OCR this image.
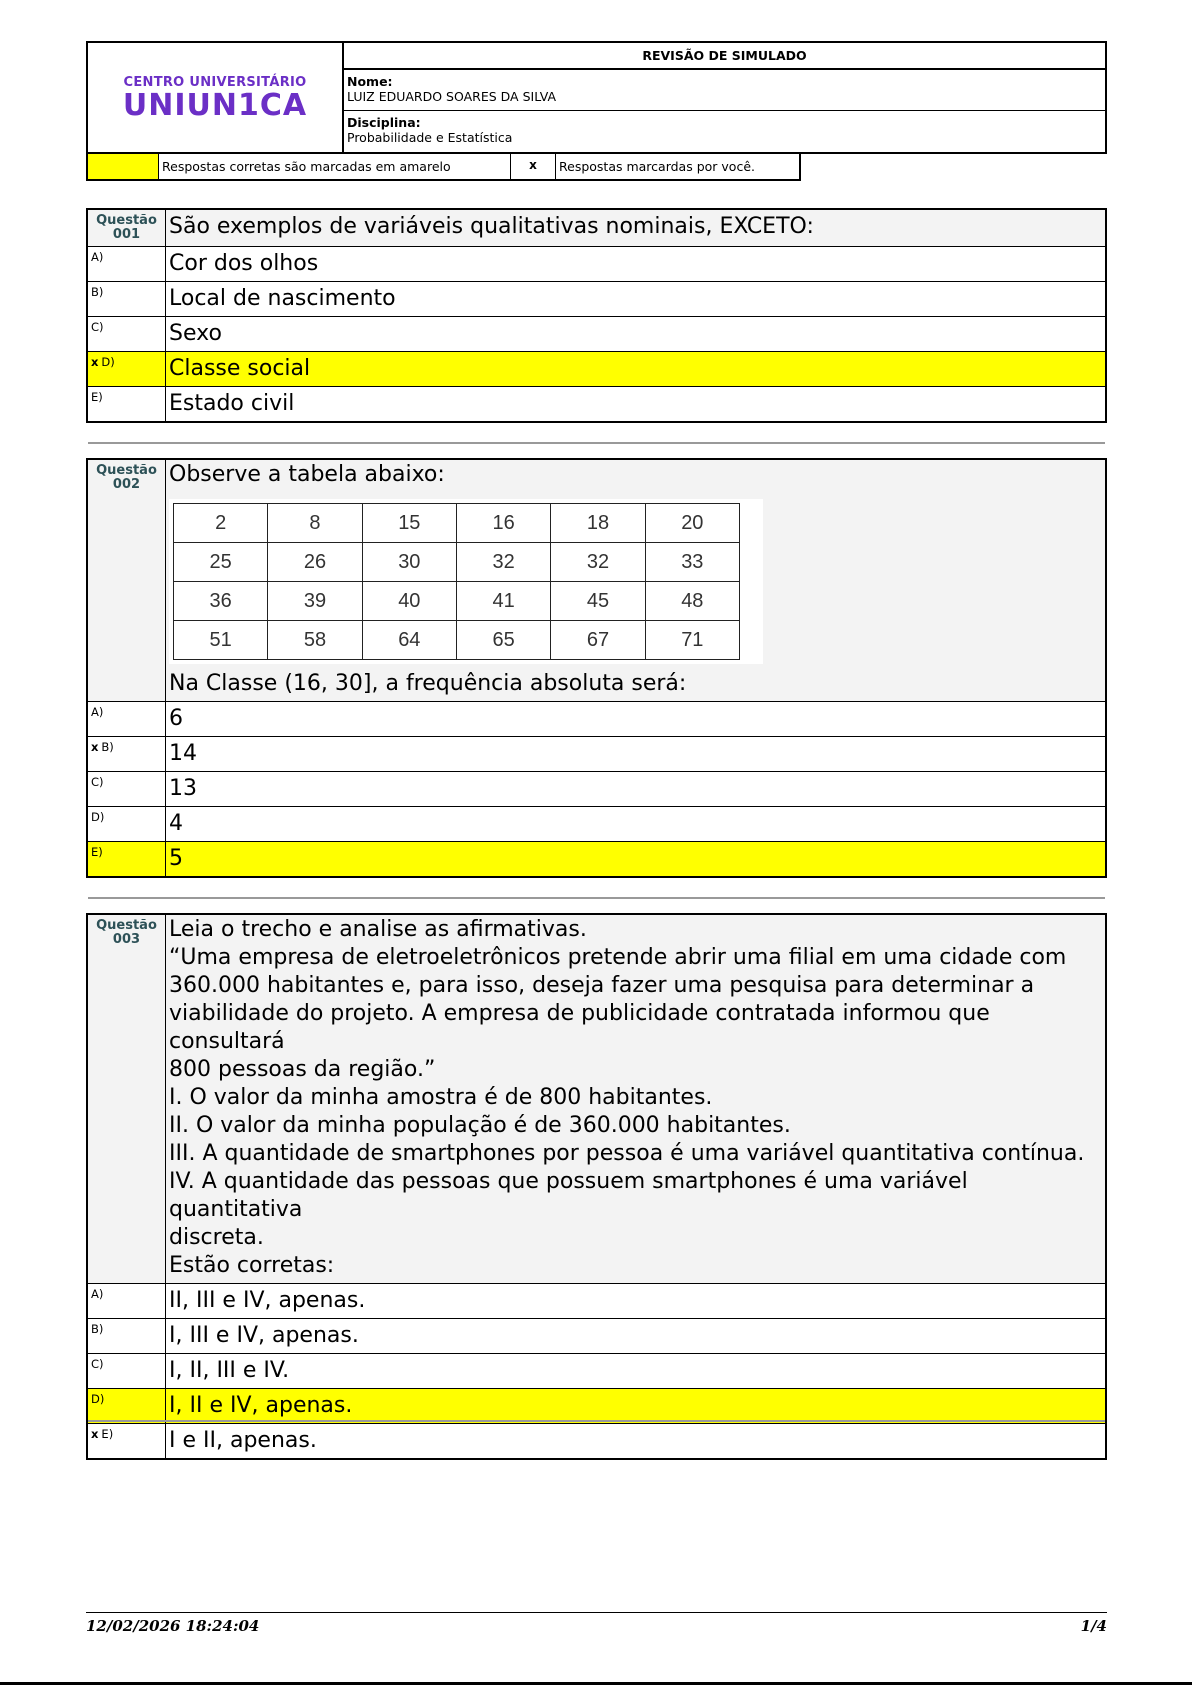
CENTRO UNIVERSITÁRIO
UNIUN1CA
REVISÃO DE SIMULADO
Nome:
LUIZ EDUARDO SOARES DA SILVA
Disciplina:
Probabilidade e Estatística
Respostas corretas são marcadas em amarelo	x	Respostas marcardas por você.
Questão
001	São exemplos de variáveis qualitativas nominais, EXCETO:
A)	Cor dos olhos
B)	Local de nascimento
C)	Sexo
x D)	Classe social
E)	Estado civil
Questão
002	Observe a tabela abaixo:
2	8	15	16	18	20
25	26	30	32	32	33
36	39	40	41	45	48
51	58	64	65	67	71
Na Classe (16, 30], a frequência absoluta será:
A)	6
x B)	14
C)	13
D)	4
E)	5
Questão
003	Leia o trecho e analise as afirmativas.
“Uma empresa de eletroeletrônicos pretende abrir uma filial em uma cidade com
360.000 habitantes e, para isso, deseja fazer uma pesquisa para determinar a
viabilidade do projeto. A empresa de publicidade contratada informou que consultará
800 pessoas da região.”
I. O valor da minha amostra é de 800 habitantes.
II. O valor da minha população é de 360.000 habitantes.
III. A quantidade de smartphones por pessoa é uma variável quantitativa contínua.
IV. A quantidade das pessoas que possuem smartphones é uma variável quantitativa
discreta.
Estão corretas:
A)	II, III e IV, apenas.
B)	I, III e IV, apenas.
C)	I, II, III e IV.
D)	I, II e IV, apenas.
x E)	I e II, apenas.
12/02/2026 18:24:04	1/4
